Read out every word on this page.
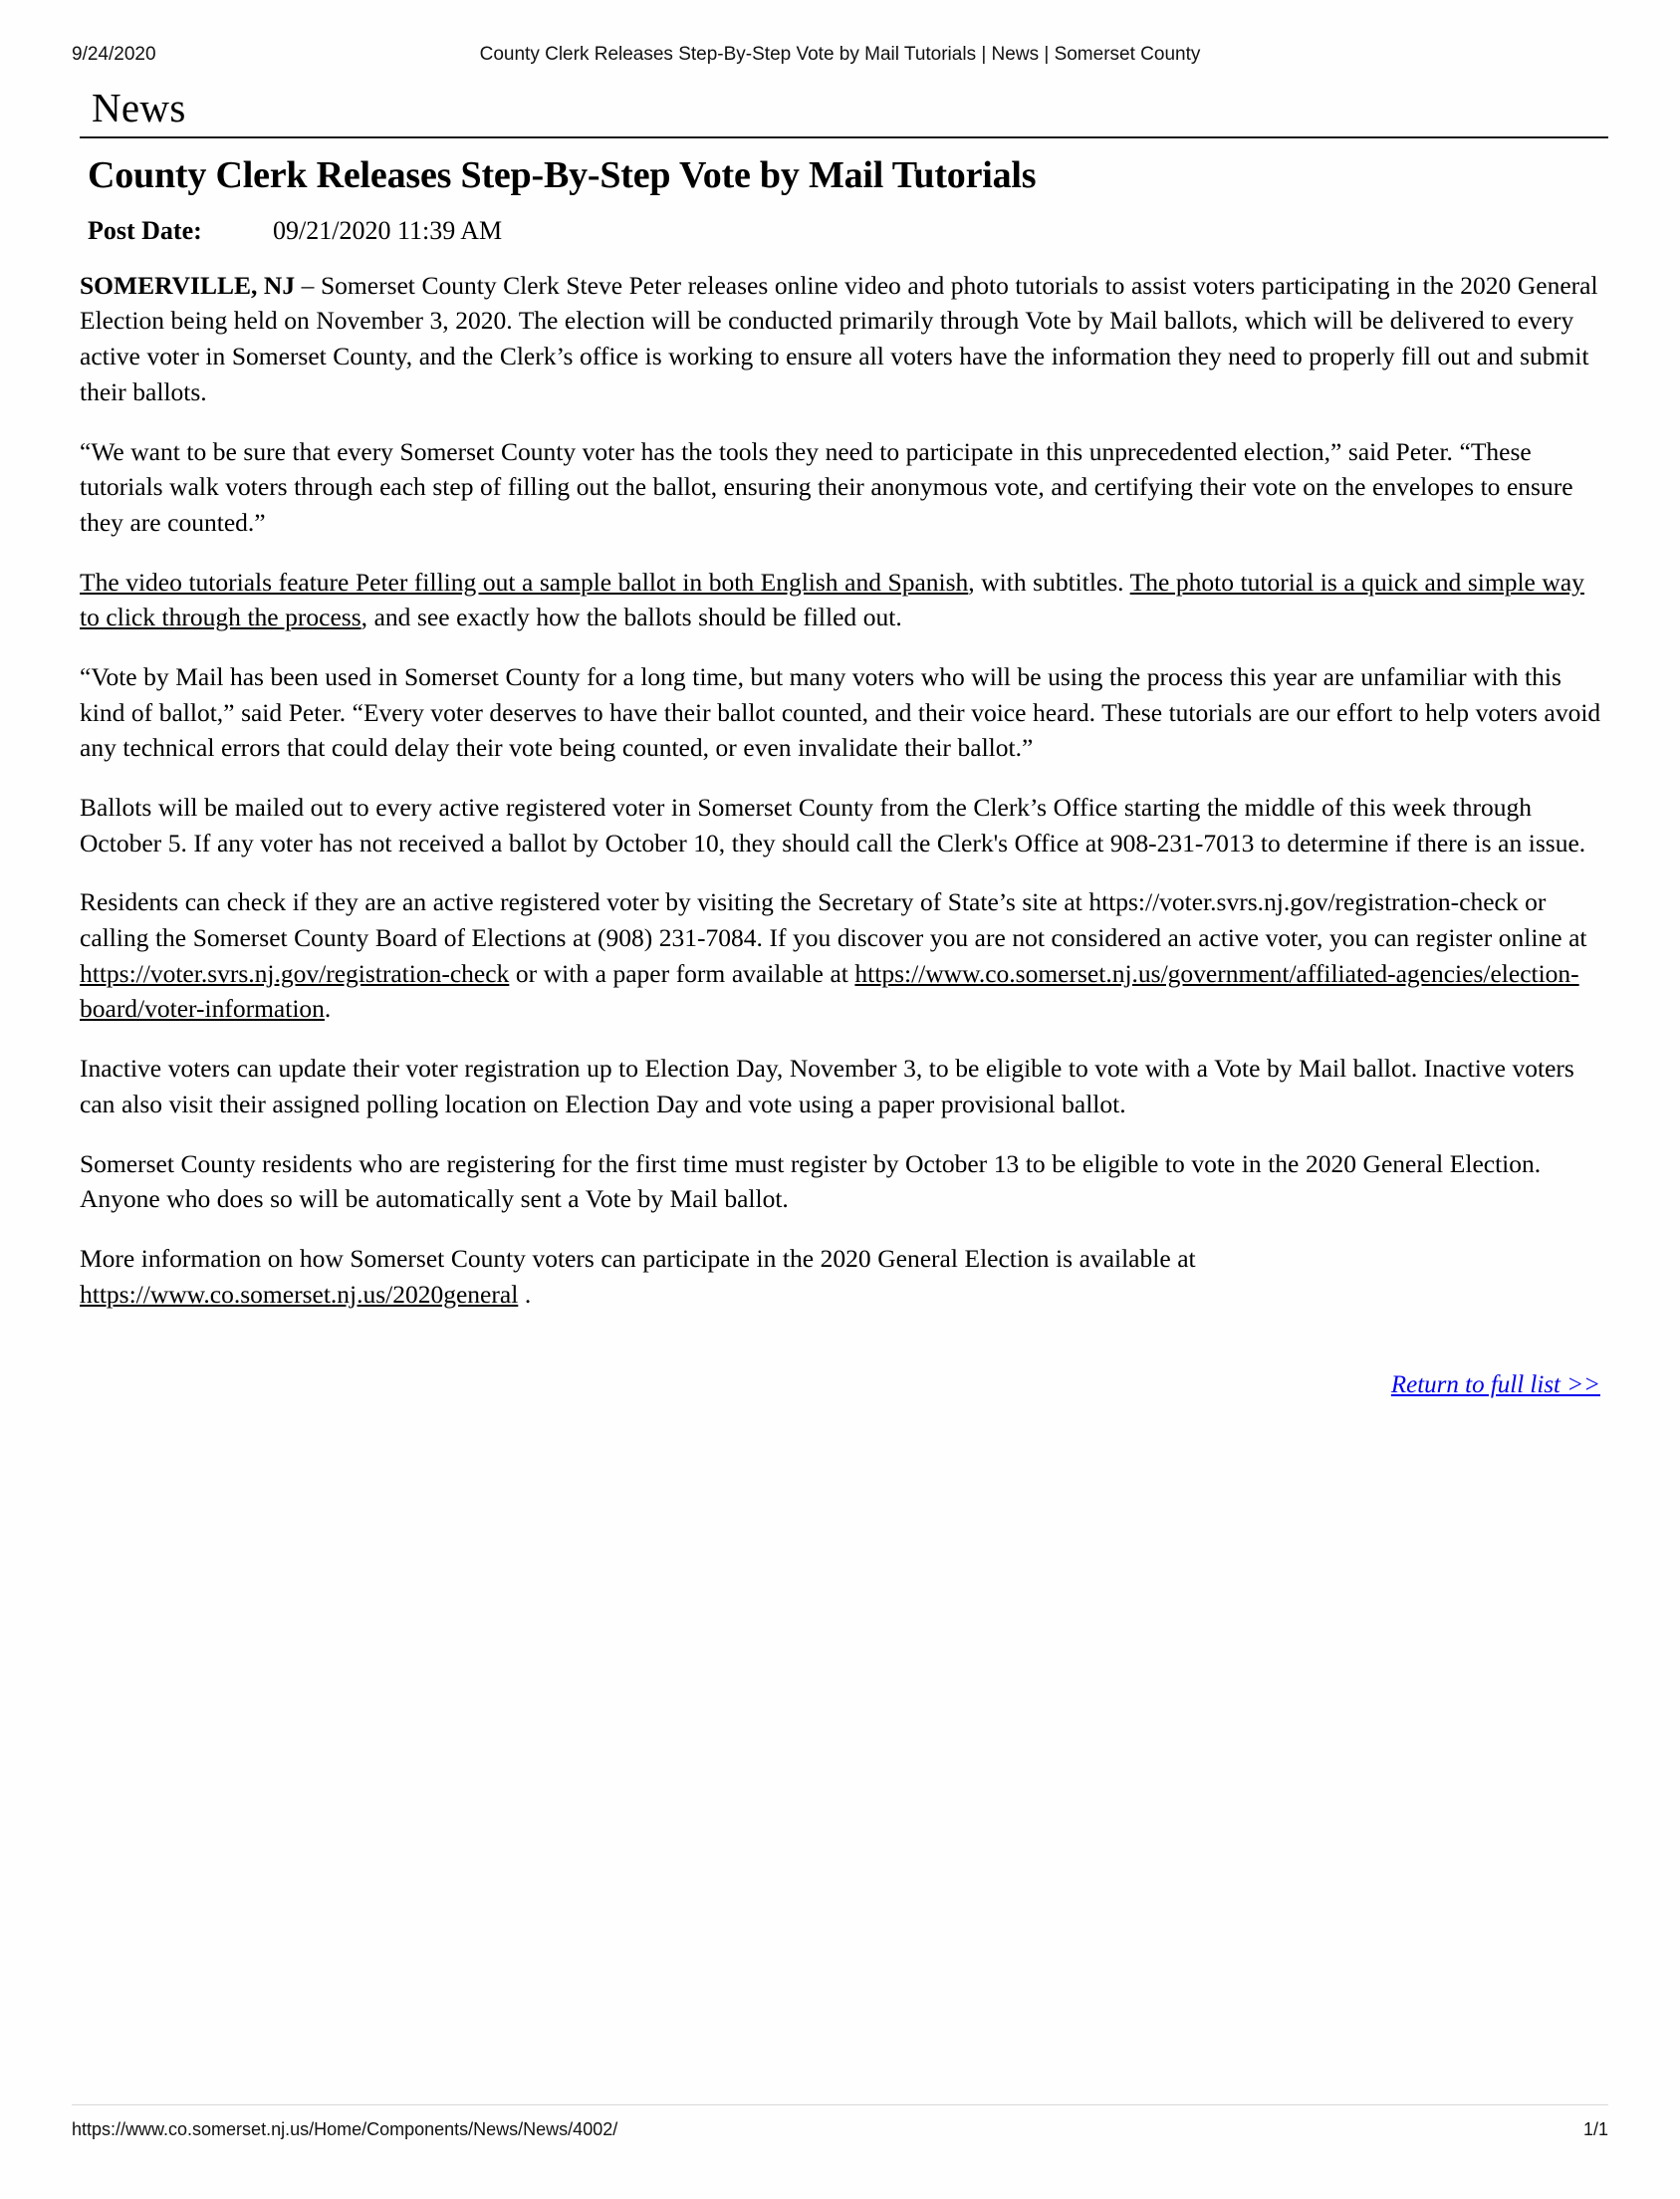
9/24/2020	County Clerk Releases Step-By-Step Vote by Mail Tutorials | News | Somerset County
News
County Clerk Releases Step-By-Step Vote by Mail Tutorials
Post Date:	09/21/2020 11:39 AM

SOMERVILLE, NJ – Somerset County Clerk Steve Peter releases online video and photo tutorials to assist voters participating in the 2020 General Election being held on November 3, 2020. The election will be conducted primarily through Vote by Mail ballots, which will be delivered to every active voter in Somerset County, and the Clerk’s office is working to ensure all voters have the information they need to properly fill out and submit their ballots.

“We want to be sure that every Somerset County voter has the tools they need to participate in this unprecedented election,” said Peter. “These tutorials walk voters through each step of filling out the ballot, ensuring their anonymous vote, and certifying their vote on the envelopes to ensure they are counted.”

The video tutorials feature Peter filling out a sample ballot in both English and Spanish, with subtitles. The photo tutorial is a quick and simple way to click through the process, and see exactly how the ballots should be filled out.

“Vote by Mail has been used in Somerset County for a long time, but many voters who will be using the process this year are unfamiliar with this kind of ballot,” said Peter. “Every voter deserves to have their ballot counted, and their voice heard. These tutorials are our effort to help voters avoid any technical errors that could delay their vote being counted, or even invalidate their ballot.”

Ballots will be mailed out to every active registered voter in Somerset County from the Clerk’s Office starting the middle of this week through October 5. If any voter has not received a ballot by October 10, they should call the Clerk's Office at 908-231-7013 to determine if there is an issue.

Residents can check if they are an active registered voter by visiting the Secretary of State’s site at https://voter.svrs.nj.gov/registration-check or calling the Somerset County Board of Elections at (908) 231-7084. If you discover you are not considered an active voter, you can register online at https://voter.svrs.nj.gov/registration-check or with a paper form available at https://www.co.somerset.nj.us/government/affiliated-agencies/election-board/voter-information.

Inactive voters can update their voter registration up to Election Day, November 3, to be eligible to vote with a Vote by Mail ballot. Inactive voters can also visit their assigned polling location on Election Day and vote using a paper provisional ballot.

Somerset County residents who are registering for the first time must register by October 13 to be eligible to vote in the 2020 General Election. Anyone who does so will be automatically sent a Vote by Mail ballot.

More information on how Somerset County voters can participate in the 2020 General Election is available at https://www.co.somerset.nj.us/2020general .

Return to full list >>
https://www.co.somerset.nj.us/Home/Components/News/News/4002/	1/1
